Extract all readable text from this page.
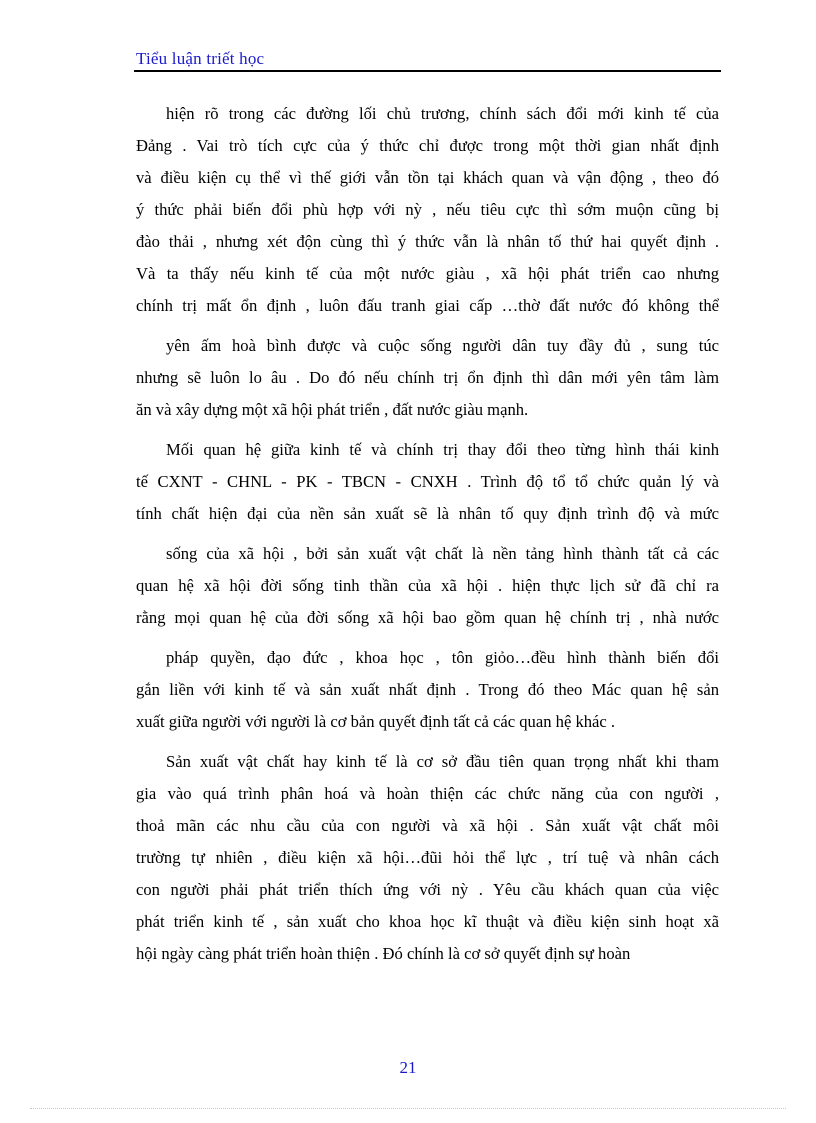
Tiểu luận triết học
hiện rõ trong các đường lối chủ trương, chính sách đổi mới kinh tế của
Đảng . Vai trò tích cực của ý thức chỉ được trong một thời gian nhất định
và điều kiện cụ thể vì thế giới vẫn tồn tại khách quan và vận động , theo đó
ý thức phải biến đổi phù hợp với nỳ , nếu tiêu cực thì sớm muộn cũng bị
đào thải , nhưng xét độn cùng thì ý thức vẫn là nhân tố thứ hai quyết định .
Và ta thấy nếu kinh tế của một nước giàu , xã hội phát triển cao nhưng
chính trị mất ổn định , luôn đấu tranh giai cấp …thờ đất nước đó không thể
yên ấm hoà bình được và cuộc sống người dân tuy đầy đủ , sung túc
nhưng sẽ luôn lo âu . Do đó nếu chính trị ổn định thì dân mới yên tâm làm
ăn và xây dựng một xã hội phát triển , đất nước giàu mạnh.
Mối quan hệ giữa kinh tế và chính trị thay đổi theo từng hình thái kinh
tế CXNT - CHNL - PK - TBCN - CNXH . Trình độ tổ tổ chức quản lý và
tính chất hiện đại của nền sản xuất sẽ là nhân tố quy định trình độ và mức
sống của xã hội , bởi sản xuất vật chất là nền tảng hình thành tất cả các
quan hệ xã hội đời sống tinh thần của xã hội . hiện thực lịch sử đã chỉ ra
rằng mọi quan hệ của đời sống xã hội bao gồm quan hệ chính trị , nhà nước
pháp quyền, đạo đức , khoa học , tôn giỏo…đều hình thành biến đổi
gắn liền với kinh tế và sản xuất nhất định . Trong đó theo Mác quan hệ sản
xuất giữa người với người là cơ bản quyết định tất cả các quan hệ khác .
Sản xuất vật chất hay kinh tế là cơ sở đầu tiên quan trọng nhất khi tham
gia vào quá trình phân hoá và hoàn thiện các chức năng của con người ,
thoả mãn các nhu cầu của con người và xã hội . Sản xuất vật chất môi
trường tự nhiên , điều kiện xã hội…đũi hỏi thể lực , trí tuệ và nhân cách
con người phải phát triển thích ứng với nỳ . Yêu cầu khách quan của việc
phát triển kinh tế , sản xuất cho khoa học kĩ thuật và điều kiện sinh hoạt xã
hội ngày càng phát triển hoàn thiện . Đó chính là cơ sở quyết định sự hoàn
21
